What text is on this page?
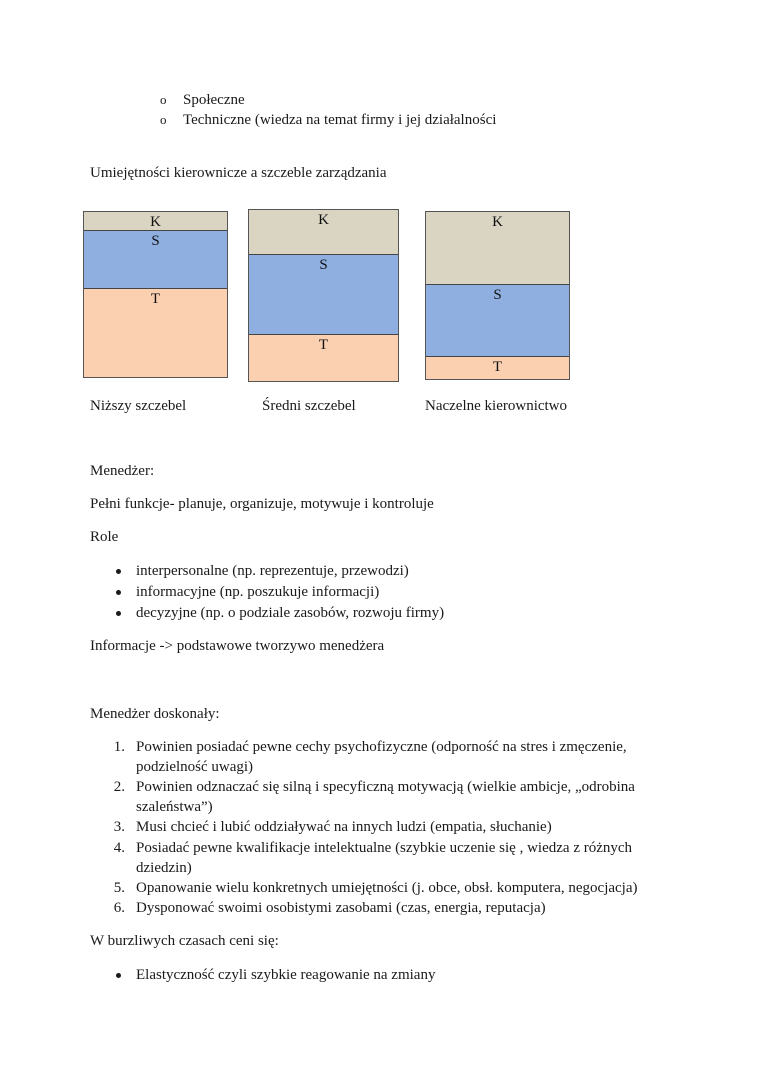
o Społeczne
o Techniczne (wiedza na temat firmy i jej działalności
Umiejętności kierownicze a szczeble zarządzania
K
S
T
K
S
T
K
S
T
Niższy szczebel	Średni szczebel	Naczelne kierownictwo
Menedżer:
Pełni funkcje- planuje, organizuje, motywuje i kontroluje
Role
interpersonalne (np. reprezentuje, przewodzi)
informacyjne (np. poszukuje informacji)
decyzyjne (np. o podziale zasobów, rozwoju firmy)
Informacje -> podstawowe tworzywo menedżera
Menedżer doskonały:
1. Powinien posiadać pewne cechy psychofizyczne (odporność na stres i zmęczenie,
podzielność uwagi)
2. Powinien odznaczać się silną i specyficzną motywacją (wielkie ambicje, „odrobina
szaleństwa”)
3. Musi chcieć i lubić oddziaływać na innych ludzi (empatia, słuchanie)
4. Posiadać pewne kwalifikacje intelektualne (szybkie uczenie się , wiedza z różnych
dziedzin)
5. Opanowanie wielu konkretnych umiejętności (j. obce, obsł. komputera, negocjacja)
6. Dysponować swoimi osobistymi zasobami (czas, energia, reputacja)
W burzliwych czasach ceni się:
Elastyczność czyli szybkie reagowanie na zmiany
